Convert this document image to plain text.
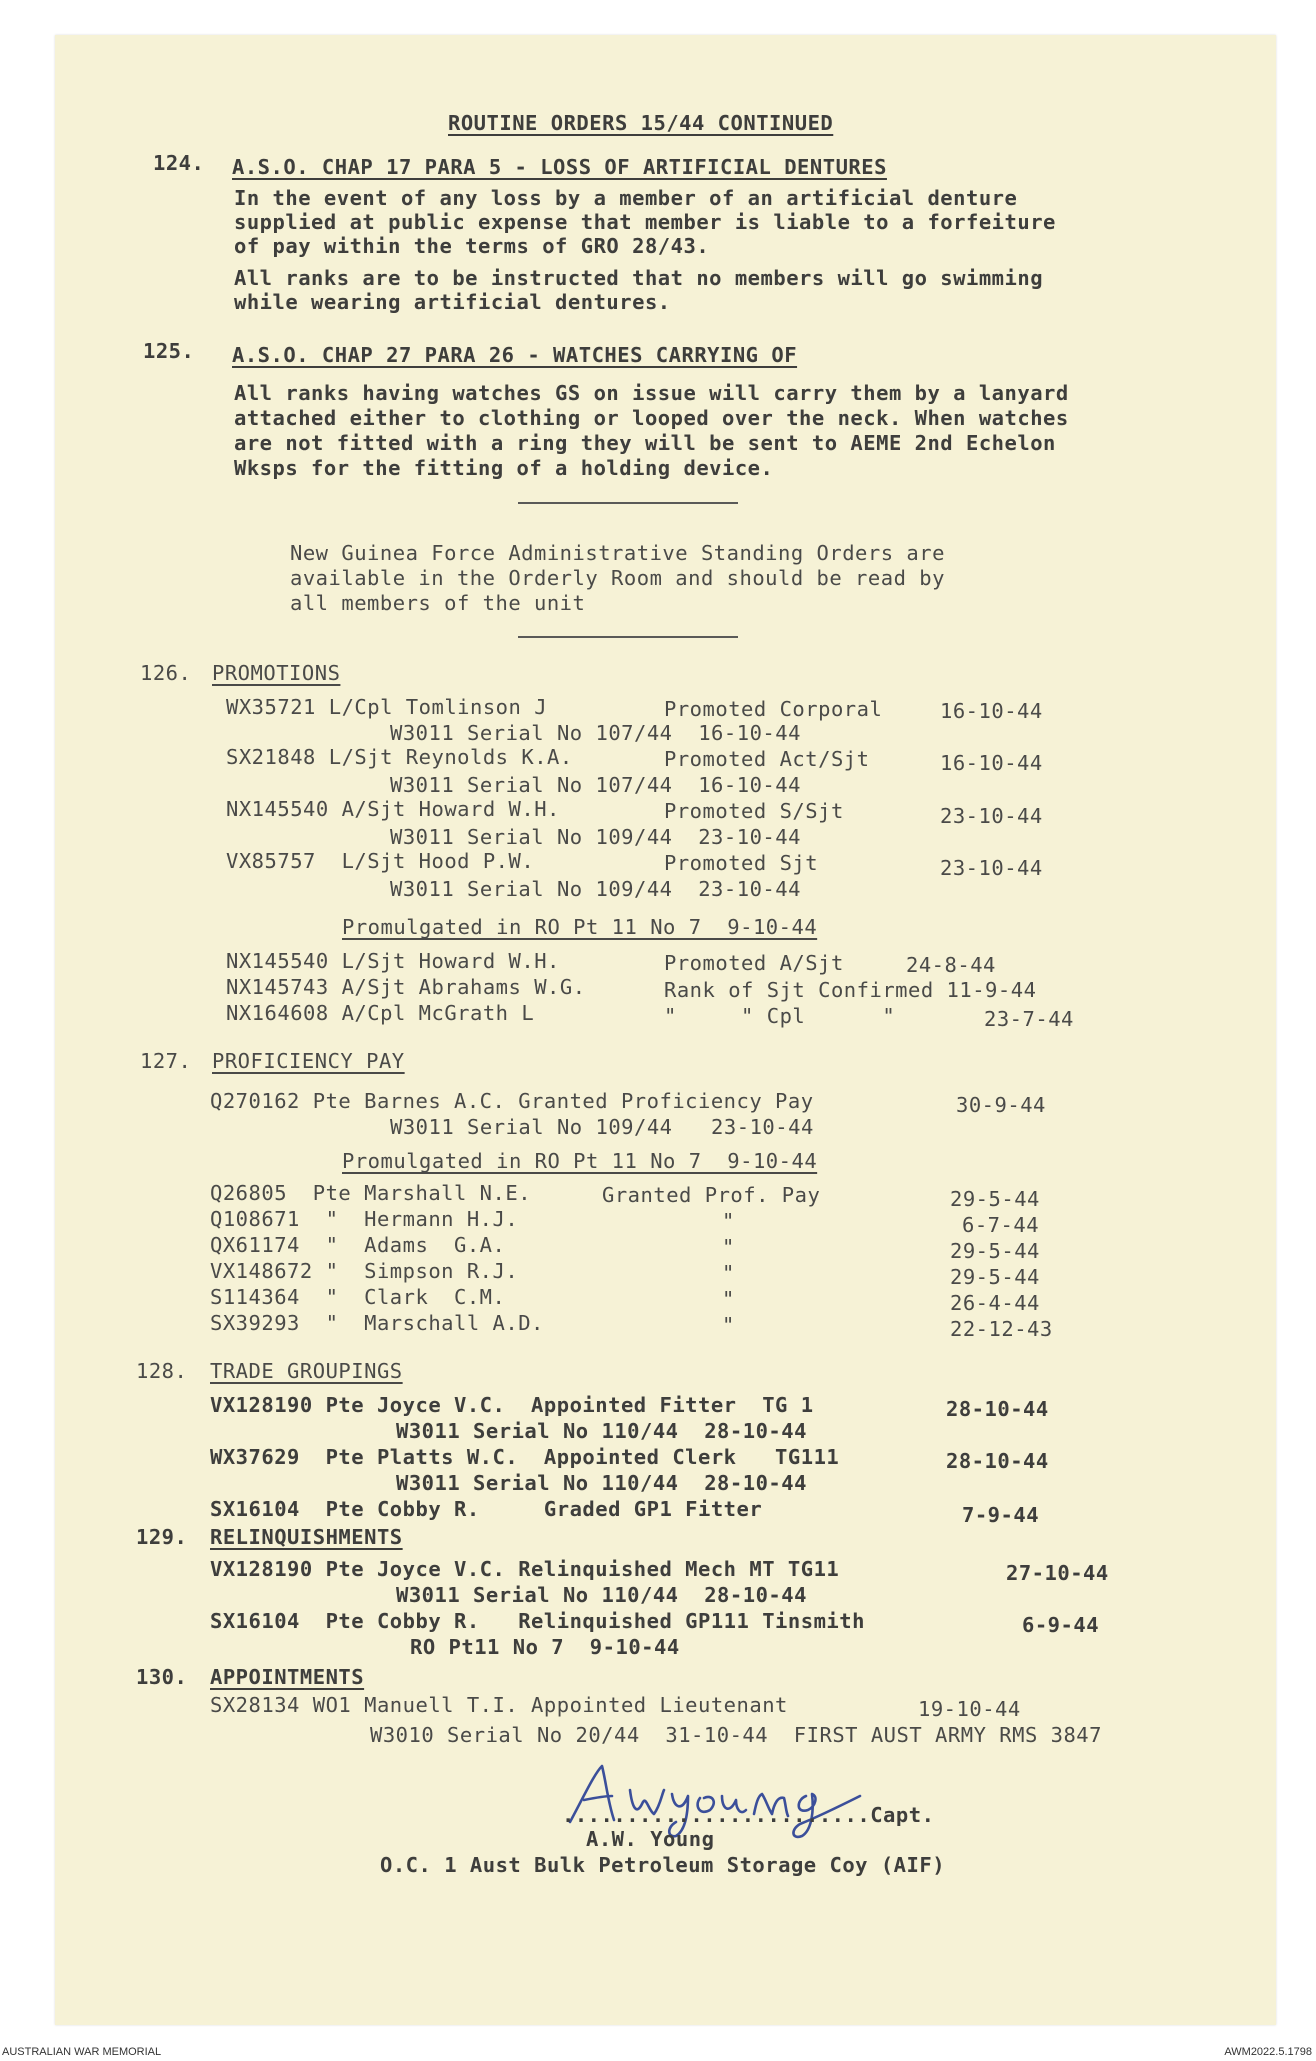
ROUTINE ORDERS 15/44 CONTINUED
124. A.S.O. CHAP 17 PARA 5 - LOSS OF ARTIFICIAL DENTURES
In the event of any loss by a member of an artificial denture
supplied at public expense that member is liable to a forfeiture
of pay within the terms of GRO 28/43.
All ranks are to be instructed that no members will go swimming
while wearing artificial dentures.
125. A.S.O. CHAP 27 PARA 26 - WATCHES CARRYING OF
All ranks having watches GS on issue will carry them by a lanyard
attached either to clothing or looped over the neck. When watches
are not fitted with a ring they will be sent to AEME 2nd Echelon
Wksps for the fitting of a holding device.
New Guinea Force Administrative Standing Orders are
available in the Orderly Room and should be read by
all members of the unit
126. PROMOTIONS
WX35721 L/Cpl Tomlinson J	Promoted Corporal	16-10-44
W3011 Serial No 107/44  16-10-44
SX21848 L/Sjt Reynolds K.A.	Promoted Act/Sjt	16-10-44
W3011 Serial No 107/44  16-10-44
NX145540 A/Sjt Howard W.H.	Promoted S/Sjt	23-10-44
W3011 Serial No 109/44  23-10-44
VX85757  L/Sjt Hood P.W.	Promoted Sjt	23-10-44
W3011 Serial No 109/44  23-10-44
Promulgated in RO Pt 11 No 7  9-10-44
NX145540 L/Sjt Howard W.H.	Promoted A/Sjt	24-8-44
NX145743 A/Sjt Abrahams W.G.	Rank of Sjt Confirmed 11-9-44
NX164608 A/Cpl McGrath L	"     " Cpl      "	23-7-44
127. PROFICIENCY PAY
Q270162 Pte Barnes A.C. Granted Proficiency Pay	30-9-44
W3011 Serial No 109/44   23-10-44
Promulgated in RO Pt 11 No 7  9-10-44
Q26805  Pte Marshall N.E.	Granted Prof. Pay	29-5-44
Q108671  "  Hermann H.J.	"	6-7-44
QX61174  "  Adams  G.A.	"	29-5-44
VX148672 "  Simpson R.J.	"	29-5-44
S114364  "  Clark  C.M.	"	26-4-44
SX39293  "  Marschall A.D.	"	22-12-43
128. TRADE GROUPINGS
VX128190 Pte Joyce V.C.  Appointed Fitter  TG 1	28-10-44
W3011 Serial No 110/44  28-10-44
WX37629  Pte Platts W.C.  Appointed Clerk   TG111	28-10-44
W3011 Serial No 110/44  28-10-44
SX16104  Pte Cobby R.     Graded GP1 Fitter	7-9-44
129. RELINQUISHMENTS
VX128190 Pte Joyce V.C. Relinquished Mech MT TG11	27-10-44
W3011 Serial No 110/44  28-10-44
SX16104  Pte Cobby R.   Relinquished GP111 Tinsmith	6-9-44
RO Pt11 No 7  9-10-44
130. APPOINTMENTS
SX28134 WO1 Manuell T.I. Appointed Lieutenant	19-10-44
W3010 Serial No 20/44  31-10-44  FIRST AUST ARMY RMS 3847
........................Capt.
A.W. Young
O.C. 1 Aust Bulk Petroleum Storage Coy (AIF)
AUSTRALIAN WAR MEMORIAL	AWM2022.5.1798
